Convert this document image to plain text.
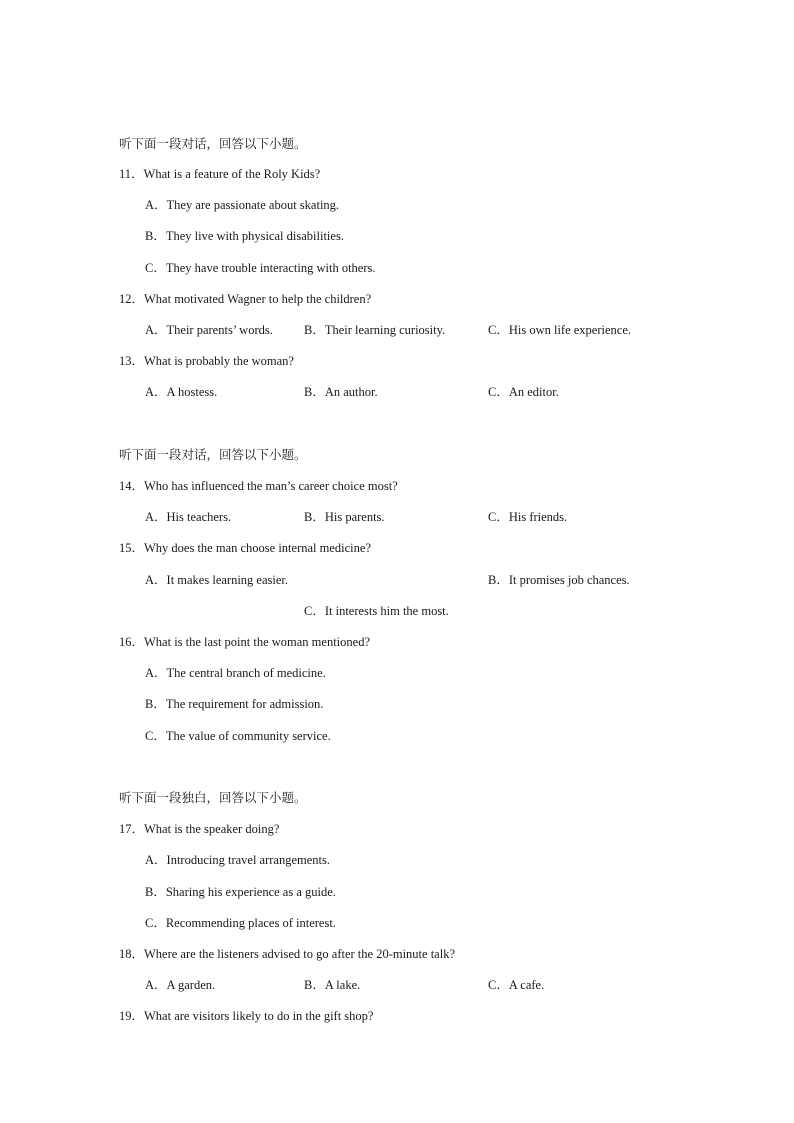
听下面一段对话，回答以下小题。
11．What is a feature of the Roly Kids?
A．They are passionate about skating.
B．They live with physical disabilities.
C．They have trouble interacting with others.
12．What motivated Wagner to help the children?
A．Their parents’ words. B．Their learning curiosity.	C．His own life experience.
13．What is probably the woman?
A．A hostess.	B．An author.	C．An editor.
听下面一段对话，回答以下小题。
14．Who has influenced the man’s career choice most?
A．His teachers.	B．His parents.	C．His friends.
15．Why does the man choose internal medicine?
A．It makes learning easier.	B．It promises job chances.
C．It interests him the most.
16．What is the last point the woman mentioned?
A．The central branch of medicine.
B．The requirement for admission.
C．The value of community service.
听下面一段独白，回答以下小题。
17．What is the speaker doing?
A．Introducing travel arrangements.
B．Sharing his experience as a guide.
C．Recommending places of interest.
18．Where are the listeners advised to go after the 20-minute talk?
A．A garden.	B．A lake.	C．A cafe.
19．What are visitors likely to do in the gift shop?
